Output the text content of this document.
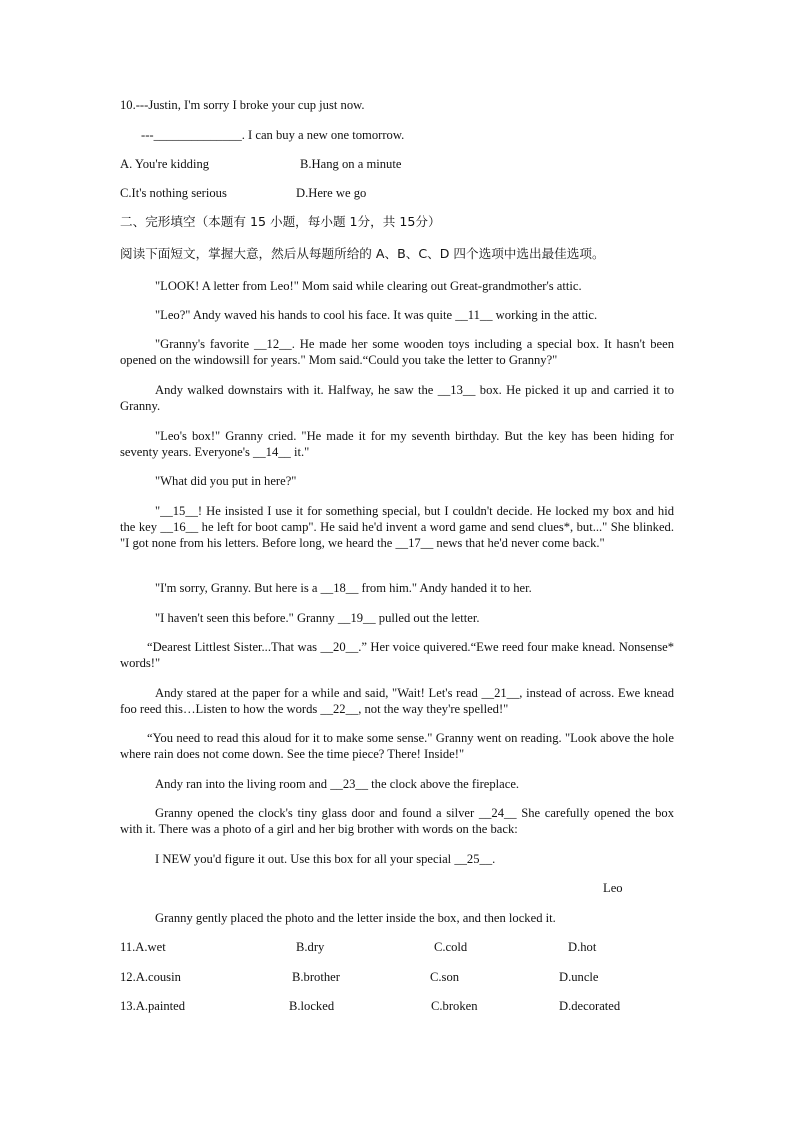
10.---Justin, I'm sorry I broke your cup just now.
---______________. I can buy a new one tomorrow.
A. You're kidding	B.Hang on a minute
C.It's nothing serious	D.Here we go
二、完形填空（本题有 15 小题，每小题 1分，共 15分）
阅读下面短文，掌握大意，然后从每题所给的 A、B、C、D 四个选项中选出最佳选项。
"LOOK! A letter from Leo!" Mom said while clearing out Great-grandmother's attic.
"Leo?" Andy waved his hands to cool his face. It was quite __11__ working in the attic.
"Granny's favorite __12__. He made her some wooden toys including a special box. It hasn't been opened on the windowsill for years." Mom said.“Could you take the letter to Granny?"
Andy walked downstairs with it. Halfway, he saw the __13__ box. He picked it up and carried it to Granny.
"Leo's box!" Granny cried. "He made it for my seventh birthday. But the key has been hiding for seventy years. Everyone's __14__ it."
"What did you put in here?"
"__15__! He insisted I use it for something special, but I couldn't decide. He locked my box and hid the key __16__ he left for boot camp". He said he'd invent a word game and send clues*, but..." She blinked. "I got none from his letters. Before long, we heard the __17__ news that he'd never come back."
"I'm sorry, Granny. But here is a __18__ from him." Andy handed it to her.
"I haven't seen this before." Granny __19__ pulled out the letter.
“Dearest Littlest Sister...That was __20__.” Her voice quivered.“Ewe reed four make knead. Nonsense* words!"
Andy stared at the paper for a while and said, "Wait! Let's read __21__, instead of across. Ewe knead foo reed this…Listen to how the words __22__, not the way they're spelled!"
“You need to read this aloud for it to make some sense." Granny went on reading. "Look above the hole where rain does not come down. See the time piece? There! Inside!"
Andy ran into the living room and __23__ the clock above the fireplace.
Granny opened the clock's tiny glass door and found a silver __24__ She carefully opened the box with it. There was a photo of a girl and her big brother with words on the back:
I NEW you'd figure it out. Use this box for all your special __25__.
Leo
Granny gently placed the photo and the letter inside the box, and then locked it.
11.A.wet	B.dry	C.cold	D.hot
12.A.cousin	B.brother	C.son	D.uncle
13.A.painted	B.locked	C.broken	D.decorated
